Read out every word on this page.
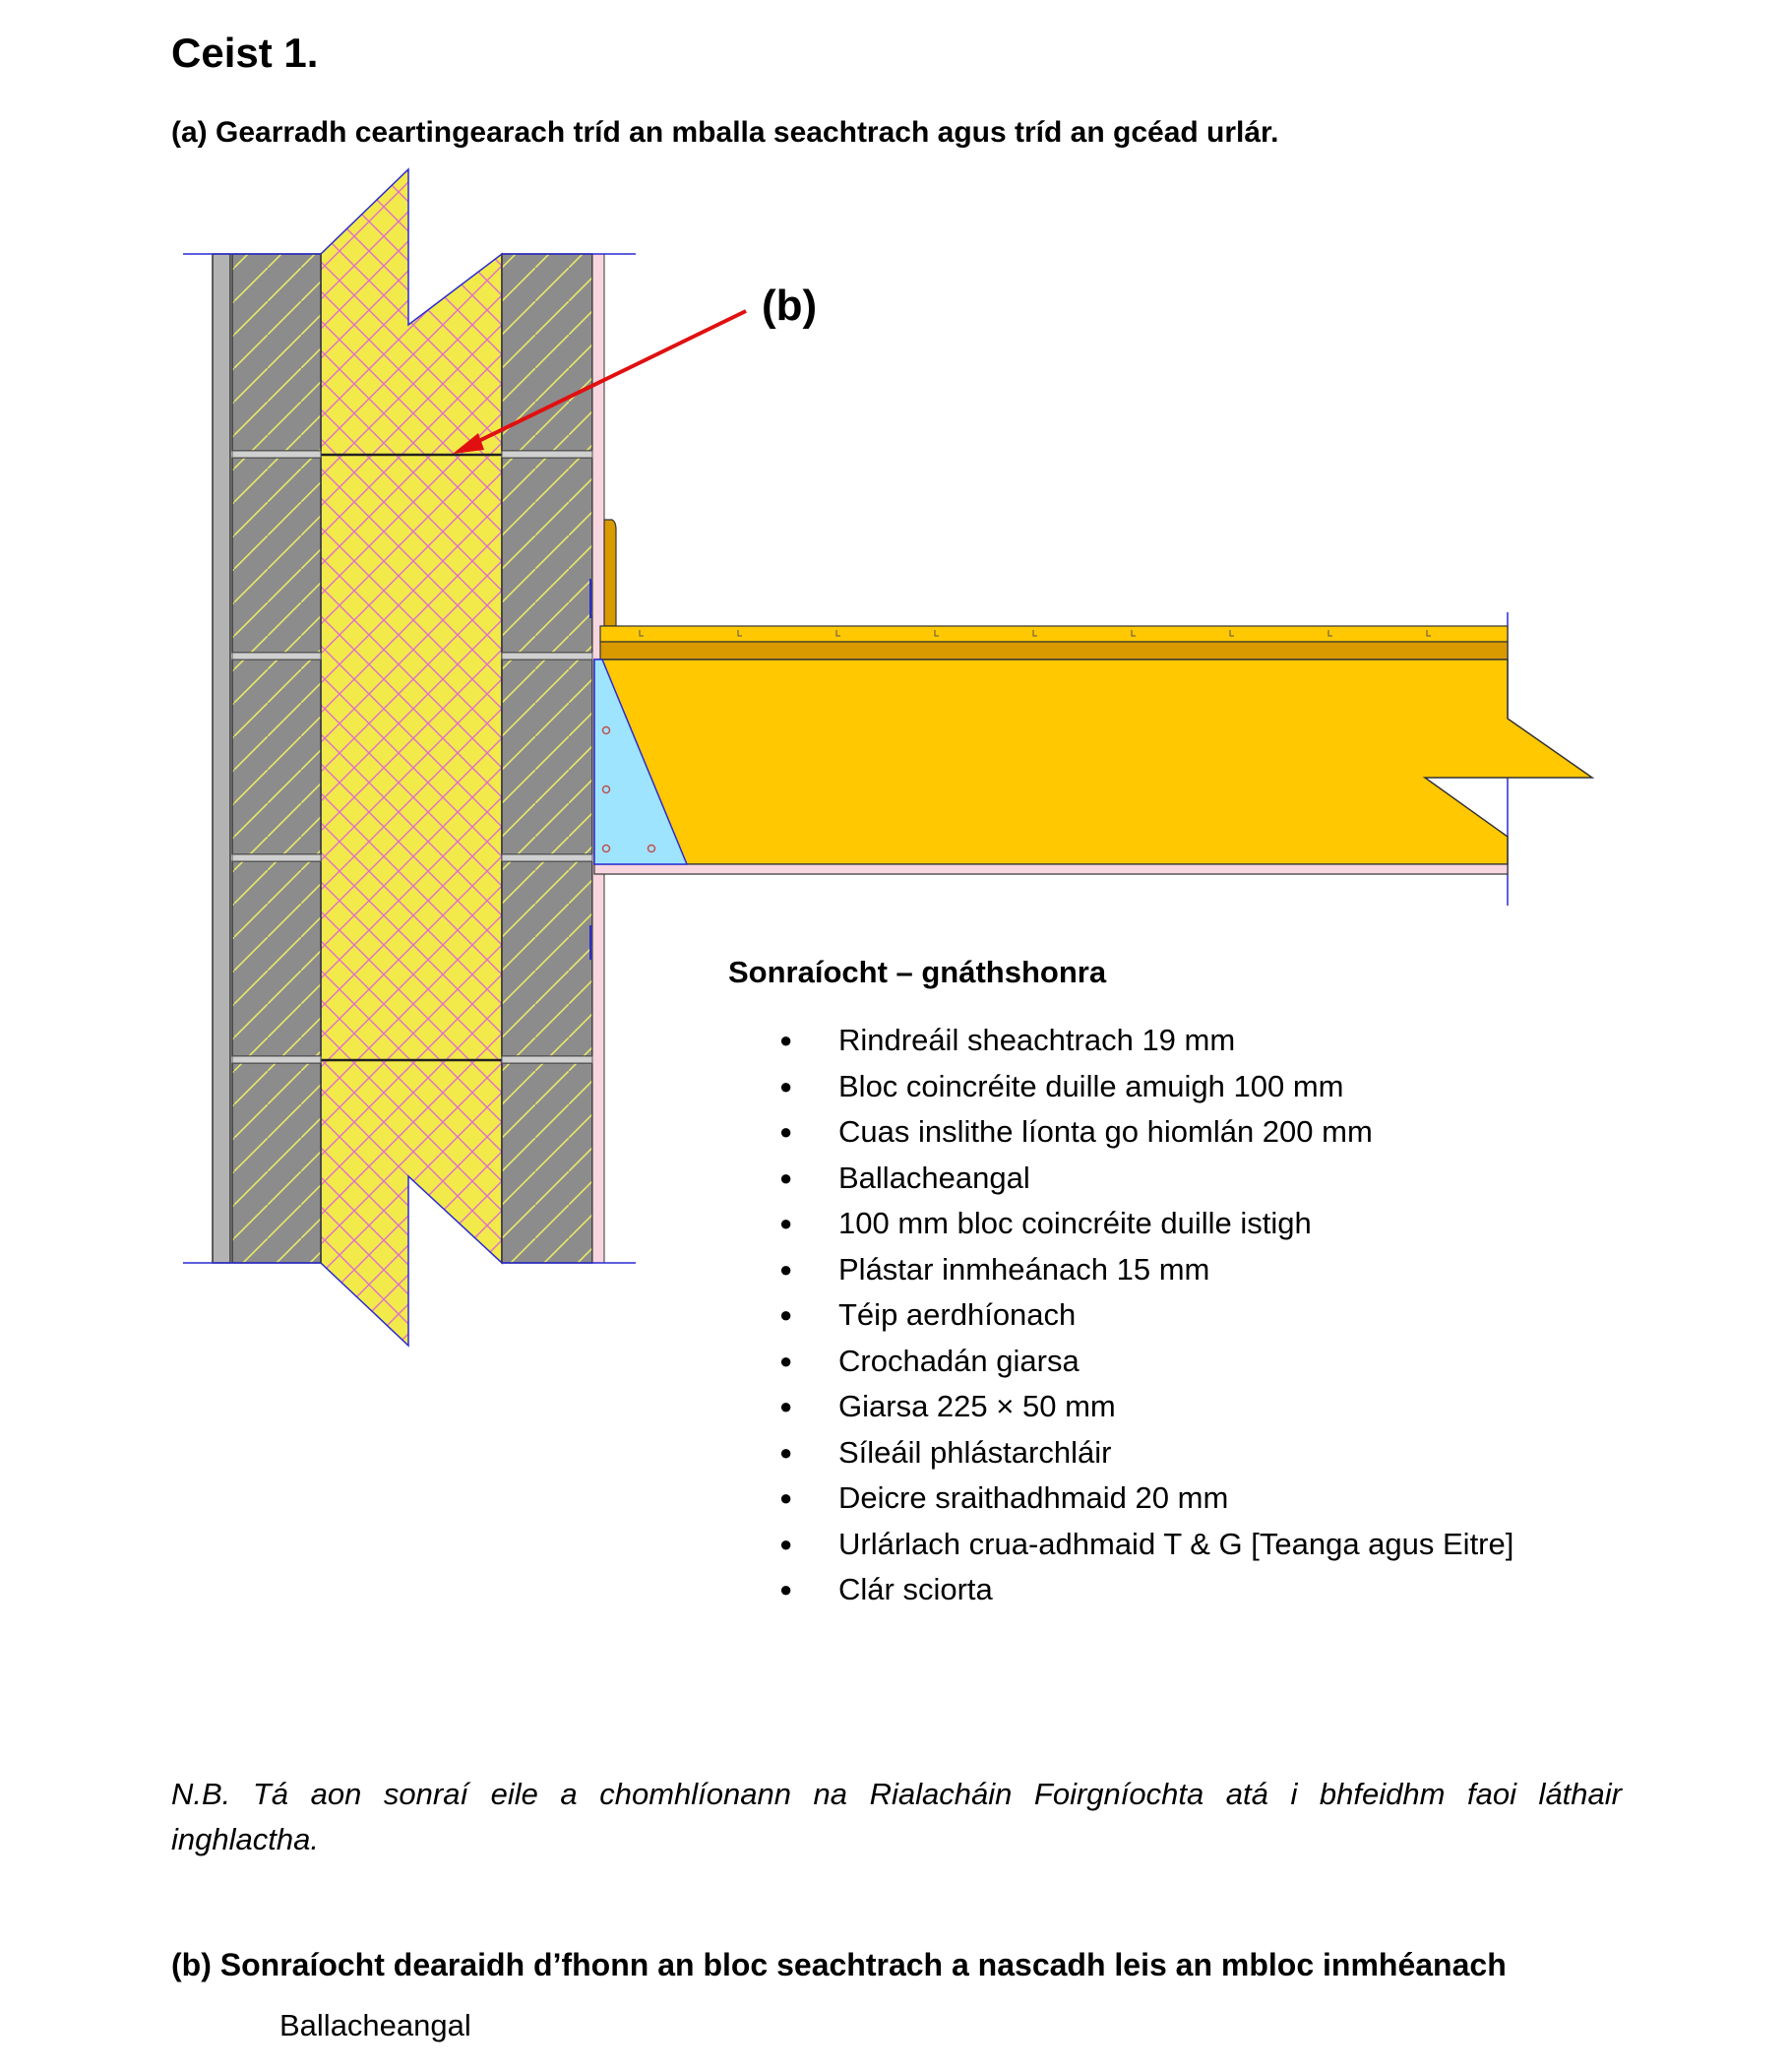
Ceist 1.
(a) Gearradh ceartingearach tríd an mballa seachtrach agus tríd an gcéad urlár.
(b)
Sonraíocht – gnáthshonra
● Rindreáil sheachtrach 19 mm
● Bloc coincréite duille amuigh 100 mm
● Cuas inslithe líonta go hiomlán 200 mm
● Ballacheangal
● 100 mm bloc coincréite duille istigh
● Plástar inmheánach 15 mm
● Téip aerdhíonach
● Crochadán giarsa
● Giarsa 225 × 50 mm
● Síleáil phlástarchláir
● Deicre sraithadhmaid 20 mm
● Urlárlach crua-adhmaid T & G [Teanga agus Eitre]
● Clár sciorta
N.B. Tá aon sonraí eile a chomhlíonann na Rialacháin Foirgníochta atá i bhfeidhm faoi láthair
inghlactha.
(b) Sonraíocht dearaidh d’fhonn an bloc seachtrach a nascadh leis an mbloc inmhéanach
Ballacheangal
